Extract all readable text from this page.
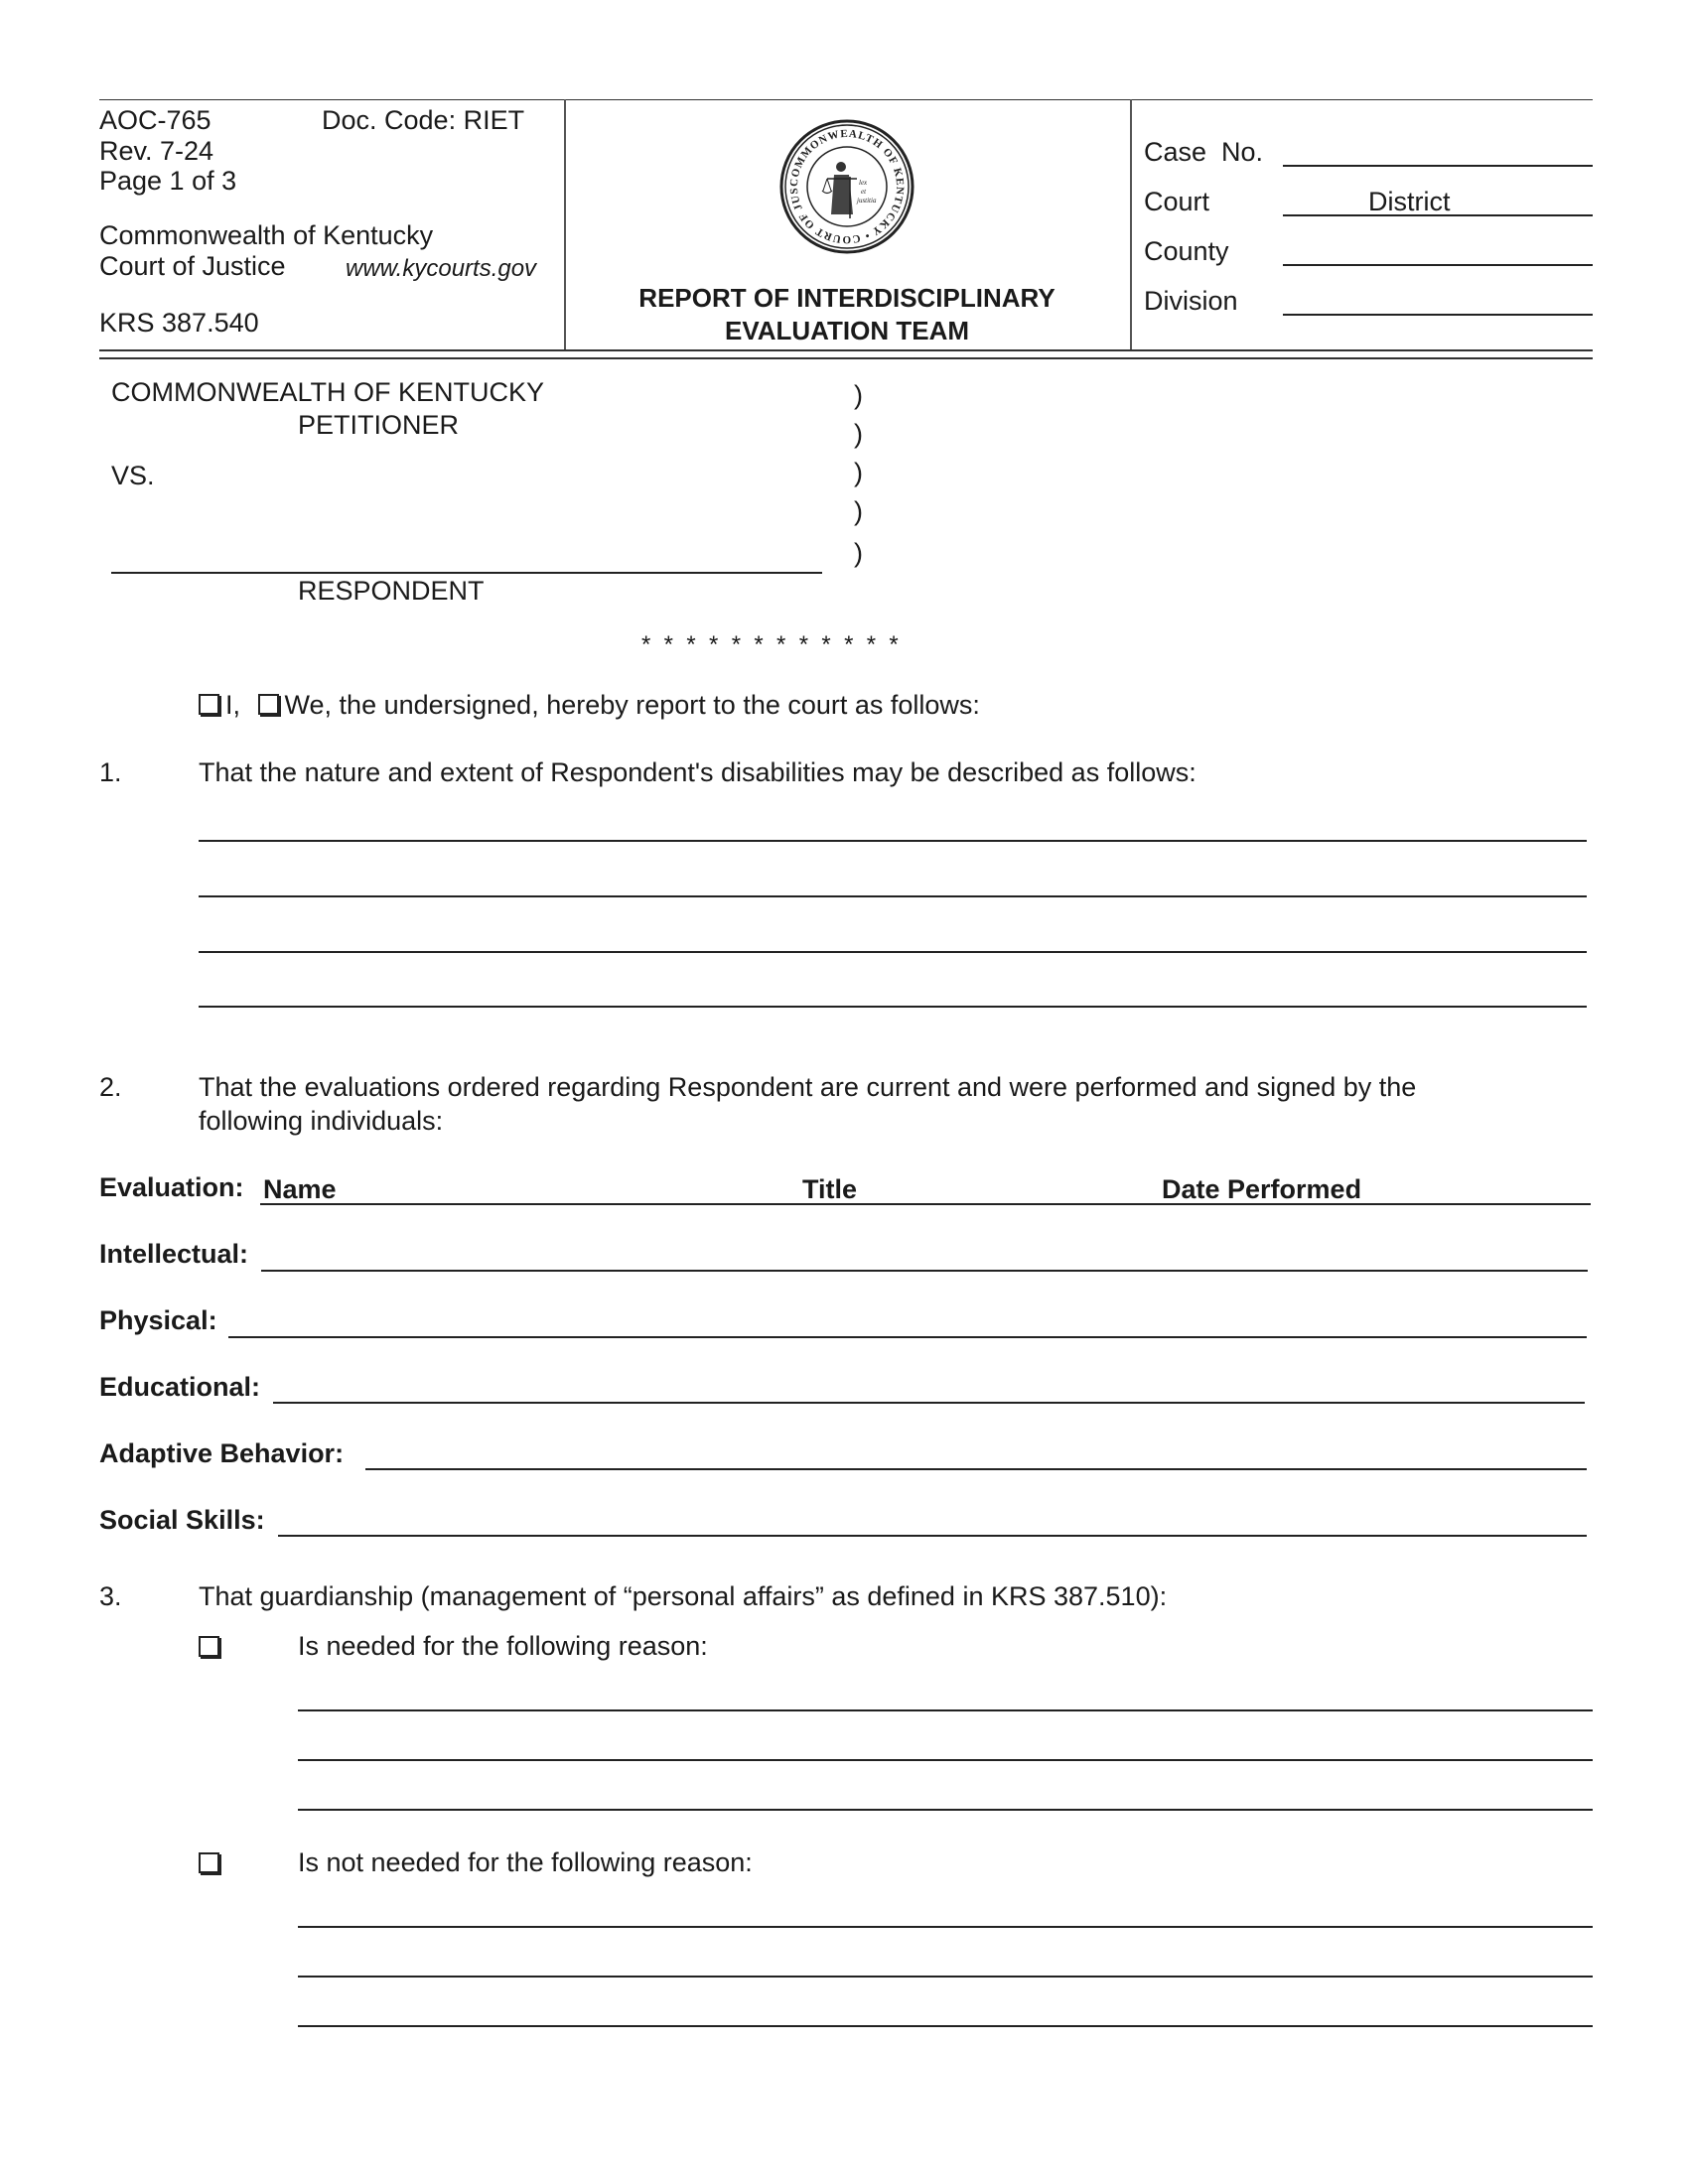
AOC-765	Doc. Code: RIET
Rev. 7-24
Page 1 of 3
Commonwealth of Kentucky
Court of Justice	www.kycourts.gov
KRS 387.540
COMMONWEALTH OF KENTUCKY • COURT OF JUS
lex
et
justitia
REPORT OF INTERDISCIPLINARY
EVALUATION TEAM
Case  No.
Court	District
County
Division
COMMONWEALTH OF KENTUCKY
PETITIONER
VS.
RESPONDENT
)
)
)
)
)
*  *  *  *  *  *  *  *  *  *  *  *
I, We, the undersigned, hereby report to the court as follows:
1.	That the nature and extent of Respondent's disabilities may be described as follows:
2.	That the evaluations ordered regarding Respondent are current and were performed and signed by the
following individuals:
Evaluation: Name	Title	Date Performed
Intellectual:
Physical:
Educational:
Adaptive Behavior:
Social Skills:
3.	That guardianship (management of “personal affairs” as defined in KRS 387.510):
Is needed for the following reason:
Is not needed for the following reason:
